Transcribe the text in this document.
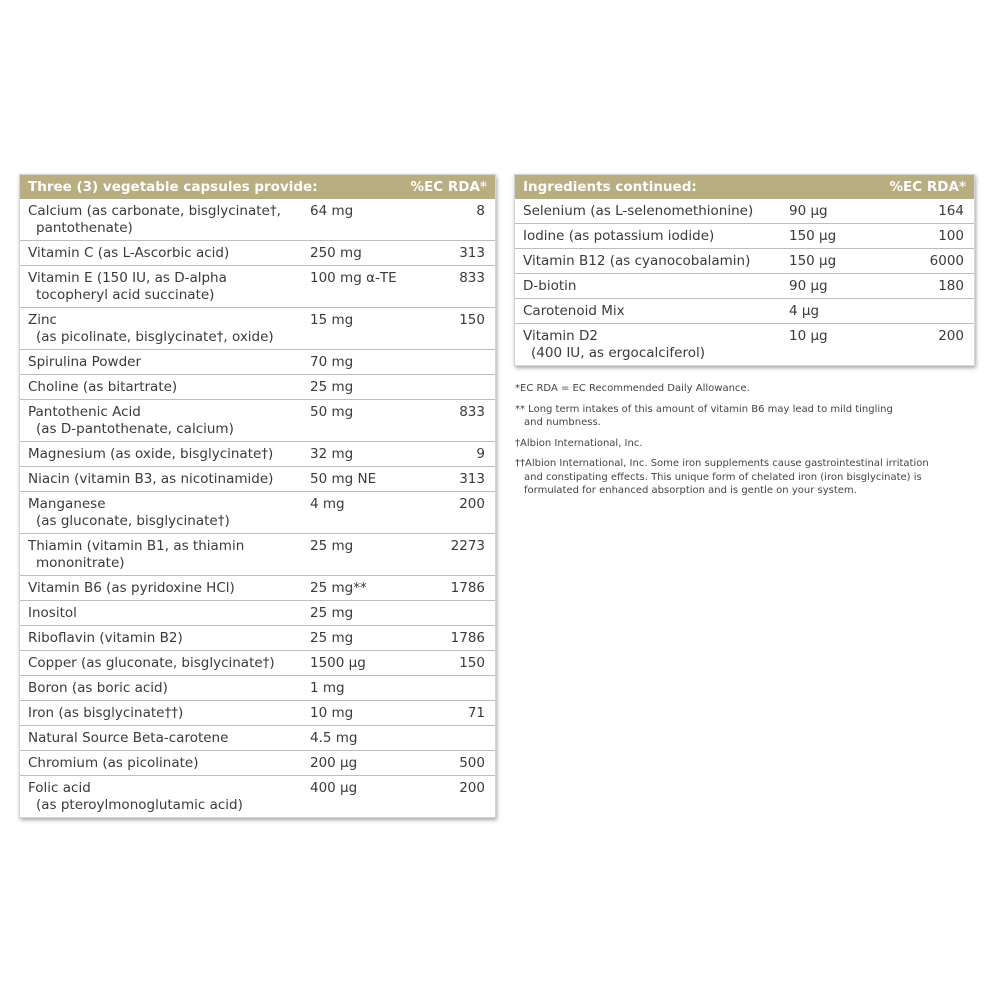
Three (3) vegetable capsules provide:	%EC RDA*
Calcium (as carbonate, bisglycinate†,
pantothenate)
64 mg	8
Vitamin C (as L-Ascorbic acid)	250 mg	313
Vitamin E (150 IU, as D-alpha
tocopheryl acid succinate)
100 mg α-TE	833
Zinc
(as picolinate, bisglycinate†, oxide)
15 mg	150
Spirulina Powder	70 mg
Choline (as bitartrate)	25 mg
Pantothenic Acid
(as D-pantothenate, calcium)
50 mg	833
Magnesium (as oxide, bisglycinate†)	32 mg	9
Niacin (vitamin B3, as nicotinamide)	50 mg NE	313
Manganese
(as gluconate, bisglycinate†)
4 mg	200
Thiamin (vitamin B1, as thiamin
mononitrate)
25 mg	2273
Vitamin B6 (as pyridoxine HCl)	25 mg**	1786
Inositol	25 mg
Riboflavin (vitamin B2)	25 mg	1786
Copper (as gluconate, bisglycinate†)	1500 μg	150
Boron (as boric acid)	1 mg
Iron (as bisglycinate††)	10 mg	71
Natural Source Beta-carotene	4.5 mg
Chromium (as picolinate)	200 μg	500
Folic acid
(as pteroylmonoglutamic acid)
400 μg	200
Ingredients continued:	%EC RDA*
Selenium (as L-selenomethionine)	90 μg	164
Iodine (as potassium iodide)	150 μg	100
Vitamin B12 (as cyanocobalamin)	150 μg	6000
D-biotin	90 μg	180
Carotenoid Mix	4 μg
Vitamin D2
(400 IU, as ergocalciferol)
10 μg	200
*EC RDA = EC Recommended Daily Allowance.
** Long term intakes of this amount of vitamin B6 may lead to mild tingling
and numbness.
†Albion International, Inc.
††Albion International, Inc. Some iron supplements cause gastrointestinal irritation
and constipating effects. This unique form of chelated iron (iron bisglycinate) is formulated for enhanced absorption and is gentle on your system.
